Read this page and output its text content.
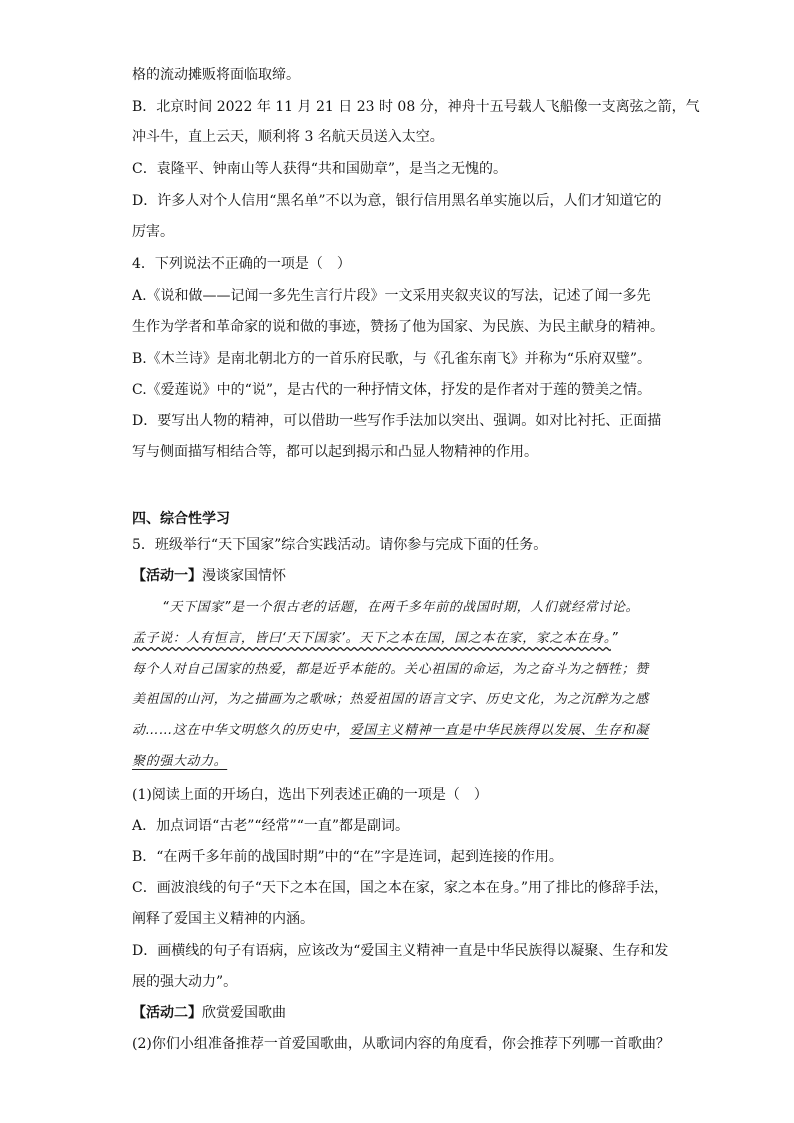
格的流动摊贩将面临取缔。
B．北京时间 2022 年 11 月 21 日 23 时 08 分，神舟十五号载人飞船像一支离弦之箭，气
冲斗牛，直上云天，顺利将 3 名航天员送入太空。
C．袁隆平、钟南山等人获得“共和国勋章”，是当之无愧的。
D．许多人对个人信用“黑名单”不以为意，银行信用黑名单实施以后，人们才知道它的
厉害。
4．下列说法不正确的一项是（　）
A.《说和做——记闻一多先生言行片段》一文采用夹叙夹议的写法，记述了闻一多先
生作为学者和革命家的说和做的事迹，赞扬了他为国家、为民族、为民主献身的精神。
B.《木兰诗》是南北朝北方的一首乐府民歌，与《孔雀东南飞》并称为“乐府双璧”。
C.《爱莲说》中的“说”，是古代的一种抒情文体，抒发的是作者对于莲的赞美之情。
D．要写出人物的精神，可以借助一些写作手法加以突出、强调。如对比衬托、正面描
写与侧面描写相结合等，都可以起到揭示和凸显人物精神的作用。
四、综合性学习
5．班级举行“天下国家”综合实践活动。请你参与完成下面的任务。
【活动一】漫谈家国情怀
“天下国家”是一个很古老的话题，在两千多年前的战国时期，人们就经常讨论。
孟子说：人有恒言，皆曰‘天下国家’。天下之本在国，国之本在家，家之本在身。”
每个人对自己国家的热爱，都是近乎本能的。关心祖国的命运，为之奋斗为之牺牲；赞
美祖国的山河，为之描画为之歌咏；热爱祖国的语言文字、历史文化，为之沉醉为之感
动……这在中华文明悠久的历史中，爱国主义精神一直是中华民族得以发展、生存和凝
聚的强大动力。
(1)阅读上面的开场白，选出下列表述正确的一项是（　）
A．加点词语“古老”“经常”“一直”都是副词。
B．“在两千多年前的战国时期”中的“在”字是连词，起到连接的作用。
C．画波浪线的句子“天下之本在国，国之本在家，家之本在身。”用了排比的修辞手法，
阐释了爱国主义精神的内涵。
D．画横线的句子有语病，应该改为“爱国主义精神一直是中华民族得以凝聚、生存和发
展的强大动力”。
【活动二】欣赏爱国歌曲
(2)你们小组准备推荐一首爱国歌曲，从歌词内容的角度看，你会推荐下列哪一首歌曲？
